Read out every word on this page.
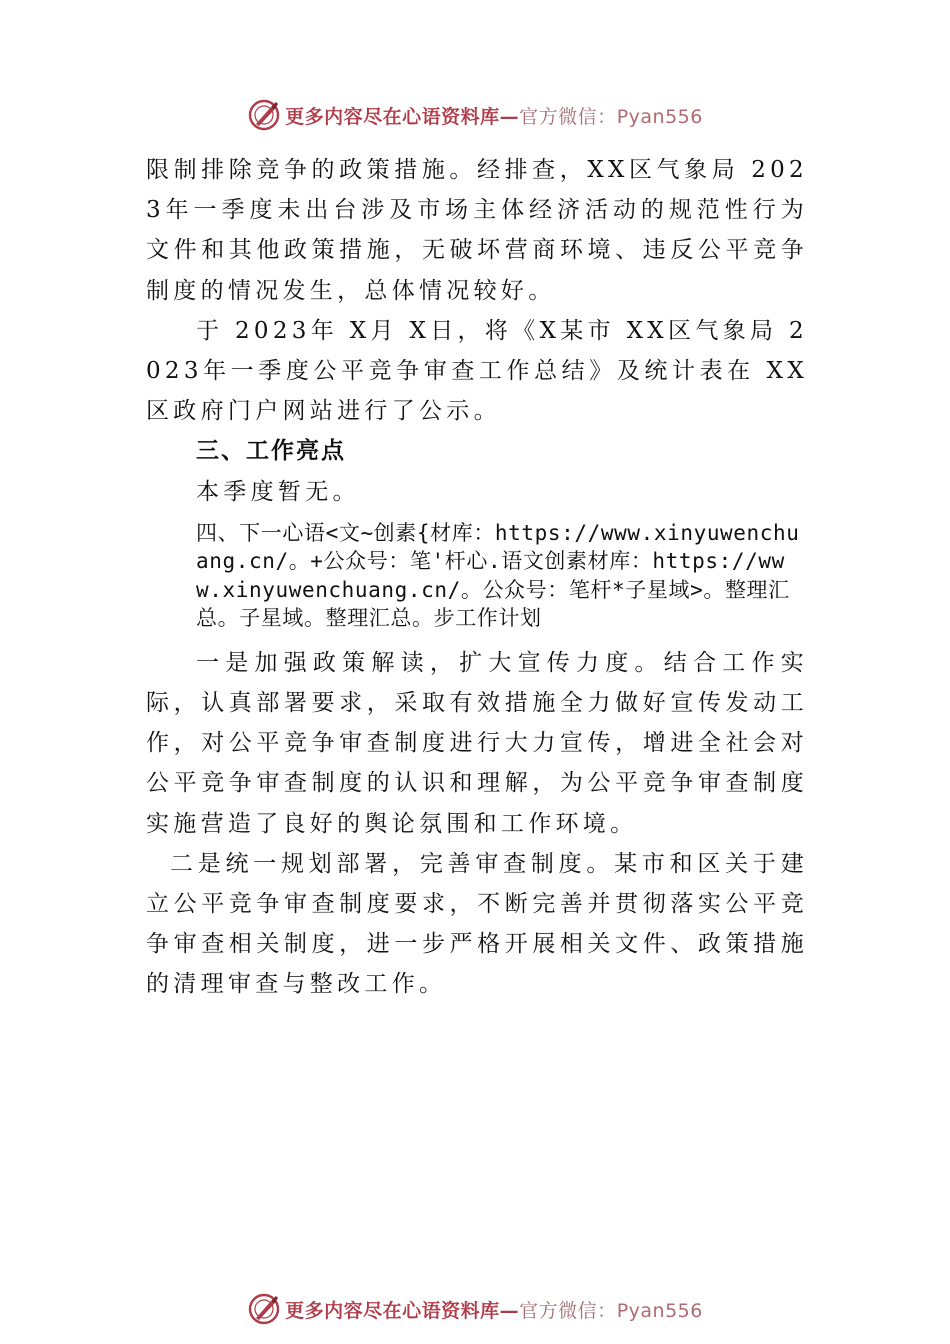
更多内容尽在心语资料库—官方微信：Pyan556

限制排除竞争的政策措施。经排查，XX区气象局 2023年一季度未出台涉及市场主体经济活动的规范性行为文件和其他政策措施，无破坏营商环境、违反公平竞争制度的情况发生，总体情况较好。

于 2023年 X月 X日，将《X某市 XX区气象局 2023年一季度公平竞争审查工作总结》及统计表在 XX区政府门户网站进行了公示。

三、工作亮点

本季度暂无。

四、下一心语<文~创素{材库：https://www.xinyuwenchuang.cn/。+公众号：笔'杆心.语文创素材库：https://www.xinyuwenchuang.cn/。公众号：笔杆*子星域>。整理汇总。子星域。整理汇总。步工作计划

一是加强政策解读，扩大宣传力度。结合工作实际，认真部署要求，采取有效措施全力做好宣传发动工作，对公平竞争审查制度进行大力宣传，增进全社会对公平竞争审查制度的认识和理解，为公平竞争审查制度实施营造了良好的舆论氛围和工作环境。

二是统一规划部署，完善审查制度。某市和区关于建立公平竞争审查制度要求，不断完善并贯彻落实公平竞争审查相关制度，进一步严格开展相关文件、政策措施的清理审查与整改工作。

更多内容尽在心语资料库—官方微信：Pyan556
